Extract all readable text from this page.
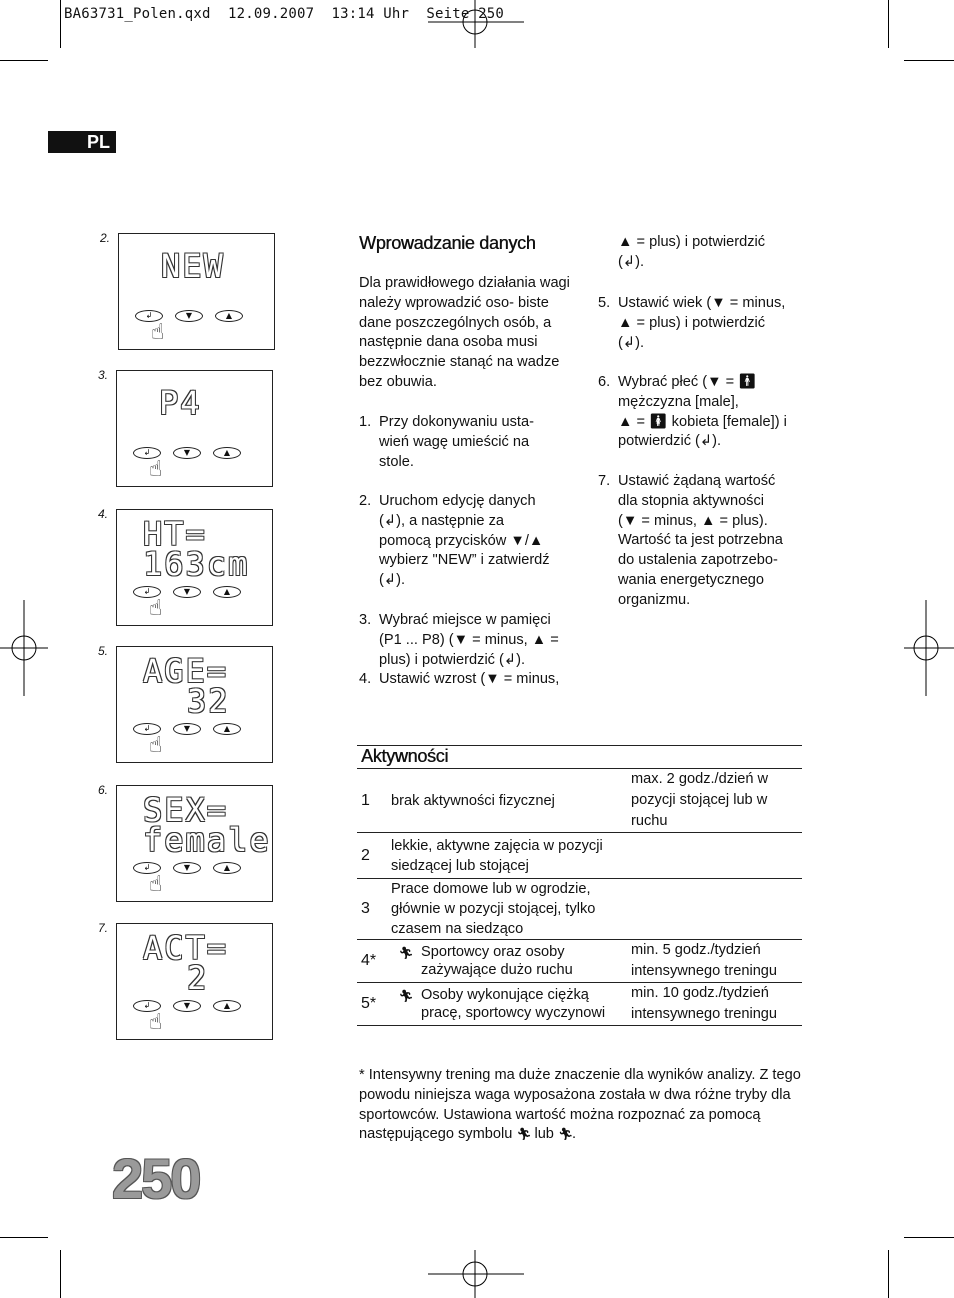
BA63731_Polen.qxd  12.09.2007  13:14 Uhr  Seite 250
PL
2.
NEW
↲	▼	▲
☝︎
3.
P4
↲	▼	▲
☝︎
4.
HT=
163cm
↲	▼	▲
☝︎
5.
AGE=
32
↲	▼	▲
☝︎
6.
SEX=
female
↲	▼	▲
☝︎
7.
ACT=
2
↲	▼	▲
☝︎
Wprowadzanie danych
Dla prawidłowego działania wagi należy wprowadzić oso- biste dane poszczególnych osób, a następnie dana osoba musi bezzwłocznie stanąć na wadze bez obuwia.
1. Przy dokonywaniu usta- wień wagę umieścić na stole.
2. Uruchom edycję danych
(↲), a następnie za
pomocą przycisków ▼/▲
wybierz "NEW” i zatwierdź
(↲).
3. Wybrać miejsce w pamięci
(P1 ... P8) (▼ = minus, ▲ =
plus) i potwierdzić (↲).
4. Ustawić wzrost (▼ = minus,
▲ = plus) i potwierdzić
(↲).
5. Ustawić wiek (▼ = minus,
▲ = plus) i potwierdzić
(↲).
6. Wybrać płeć (▼ = 🚹︎
mężczyzna [male],
▲ = 🚺︎ kobieta [female]) i
potwierdzić (↲).
7. Ustawić żądaną wartość
dla stopnia aktywności
(▼ = minus, ▲ = plus).
Wartość ta jest potrzebna
do ustalenia zapotrzebo-
wania energetycznego
organizmu.
Aktywności		
1	brak aktywności fizycznej	max. 2 godz./dzień w pozycji stojącej lub w ruchu
2	lekkie, aktywne zajęcia w pozycji siedzącej lub stojącej	
3	Prace domowe lub w ogrodzie, głównie w pozycji stojącej, tylko czasem na siedząco	
4*	🏃︎ Sportowcy oraz osoby zażywające dużo ruchu	min. 5 godz./tydzień intensywnego treningu
5*	🏃︎ Osoby wykonujące ciężką pracę, sportowcy wyczynowi	min. 10 godz./tydzień intensywnego treningu
* Intensywny trening ma duże znaczenie dla wyników analizy. Z tego powodu niniejsza waga wyposażona została w dwa różne tryby dla sportowców. Ustawiona wartość można rozpoznać za pomocą następującego symbolu 🏃︎ lub 🏃︎.
250
